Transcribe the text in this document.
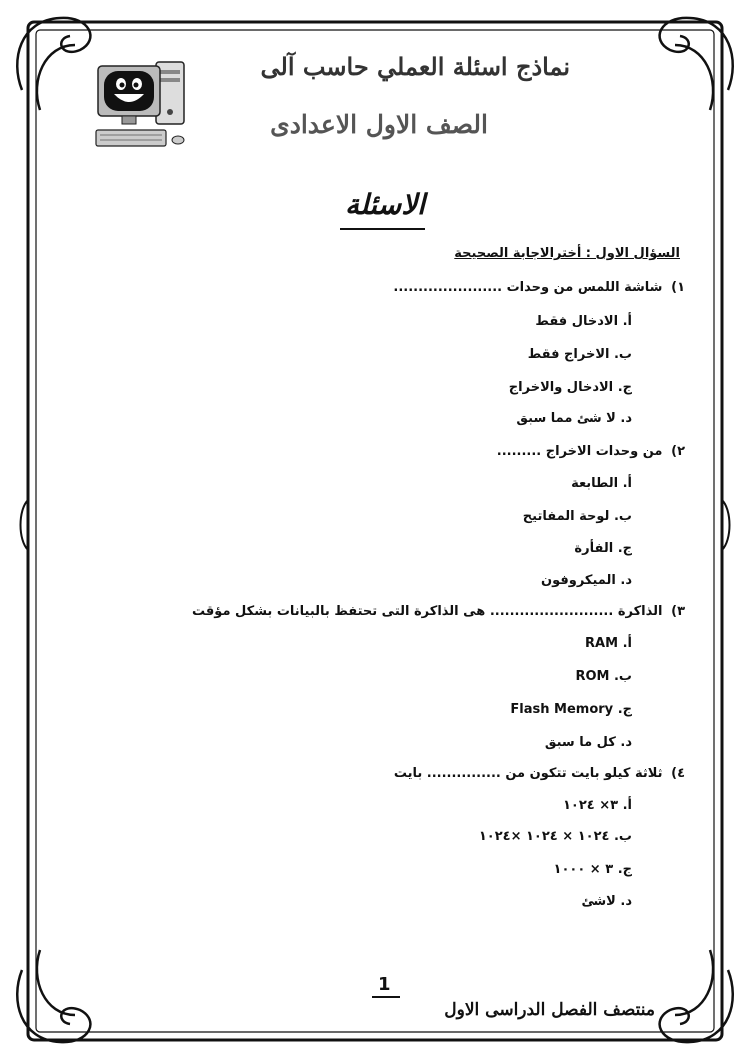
نماذج اسئلة العملي حاسب آلى
الصف الاول الاعدادى
الاسئلة
السؤال الاول : أخترالاجابة الصحيحة
١) شاشة اللمس من وحدات ......................
أ. الادخال فقط
ب. الاخراج فقط
ج. الادخال والاخراج
د. لا شئ مما سبق
٢) من وحدات الاخراج .........
أ. الطابعة
ب. لوحة المفاتيح
ج. الفأرة
د. الميكروفون
٣) الذاكرة ......................... هى الذاكرة التى تحتفظ بالبيانات بشكل مؤقت
أ. RAM
ب. ROM
ج. Flash Memory
د. كل ما سبق
٤) ثلاثة كيلو بايت تتكون من ............... بايت
أ. ٣× ١٠٢٤
ب. ١٠٢٤ × ١٠٢٤ ×١٠٢٤
ج. ٣ × ١٠٠٠
د. لاشئ
1
منتصف الفصل الدراسى الاول
